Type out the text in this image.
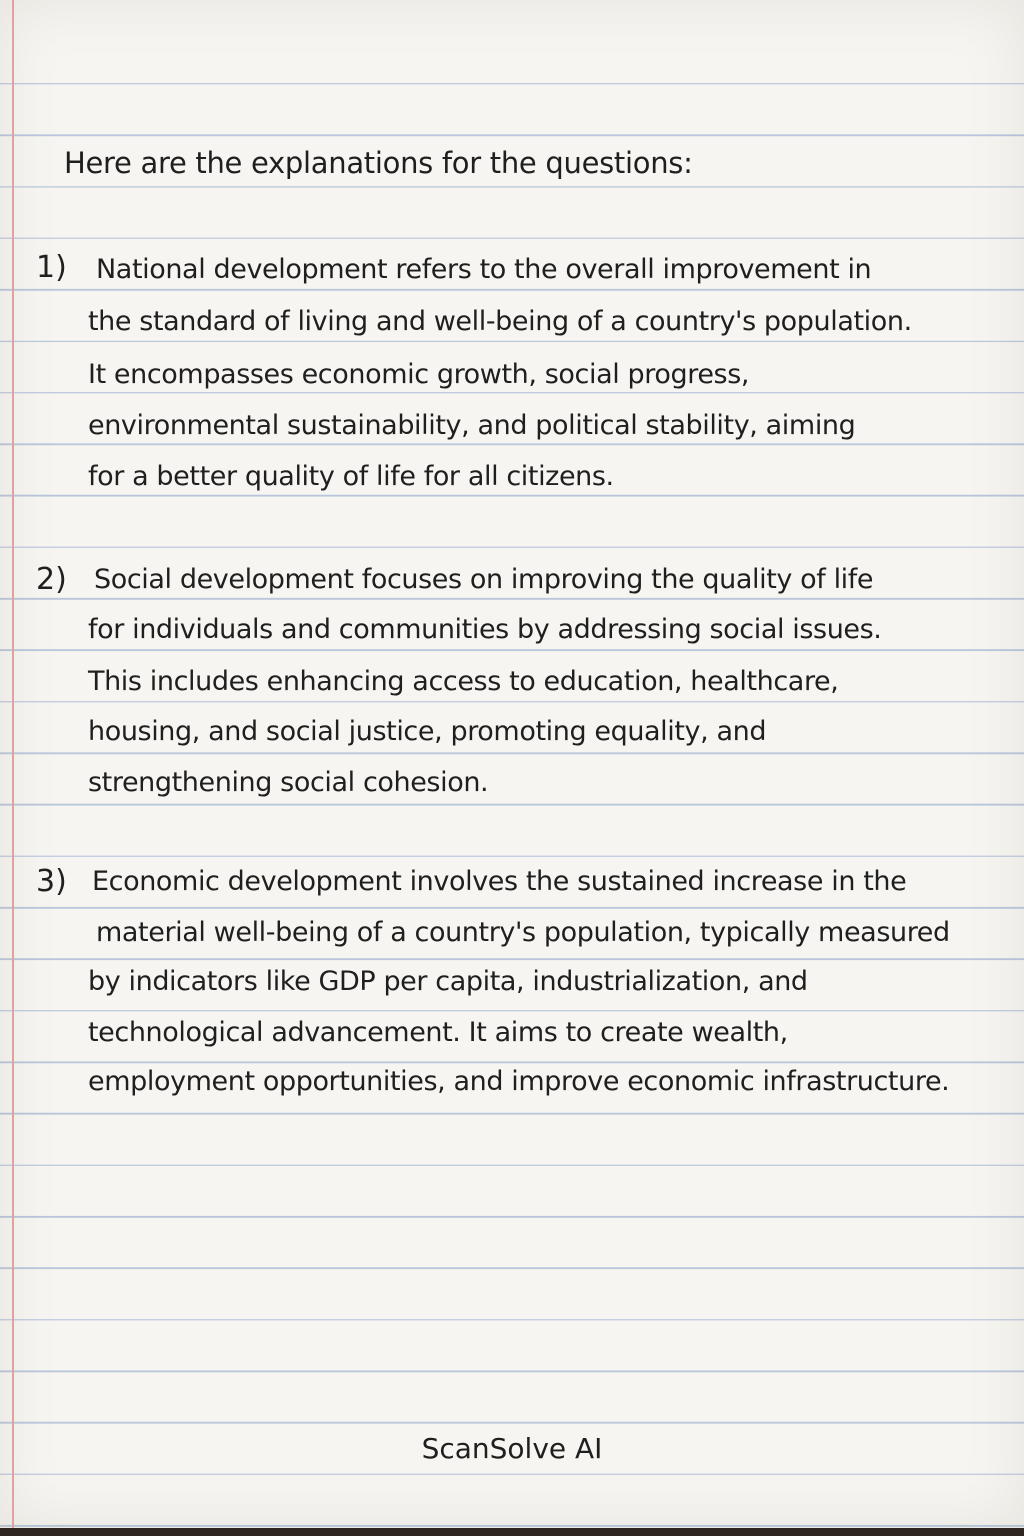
Here are the explanations for the questions:

1) National development refers to the overall improvement in
the standard of living and well-being of a country's population.
It encompasses economic growth, social progress,
environmental sustainability, and political stability, aiming
for a better quality of life for all citizens.
2) Social development focuses on improving the quality of life
for individuals and communities by addressing social issues.
This includes enhancing access to education, healthcare,
housing, and social justice, promoting equality, and
strengthening social cohesion.
3) Economic development involves the sustained increase in the
material well-being of a country's population, typically measured
by indicators like GDP per capita, industrialization, and
technological advancement. It aims to create wealth,
employment opportunities, and improve economic infrastructure.
ScanSolve AI
